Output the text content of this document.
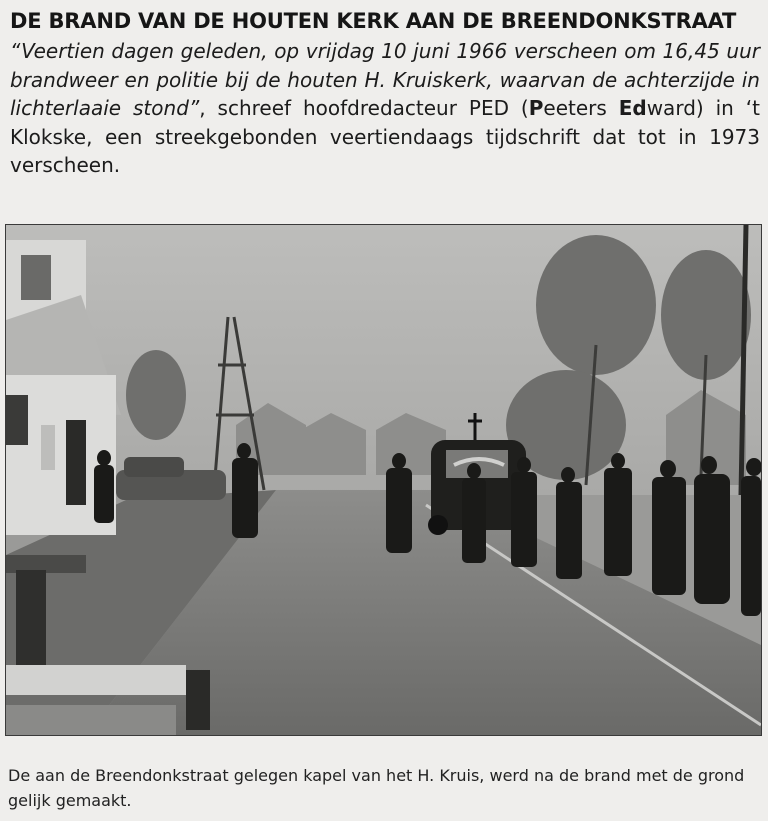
DE BRAND VAN DE HOUTEN KERK AAN DE BREENDONKSTRAAT
“Veertien dagen geleden, op vrijdag 10 juni 1966 verscheen om 16,45 uur brandweer en politie bij de houten H. Kruiskerk, waarvan de achterzijde in lichterlaaie stond”, schreef hoofdredacteur PED (Peeters Edward) in ‘t Klokske, een streekgebonden veertiendaags tijdschrift dat tot in 1973 verscheen.
De aan de Breendonkstraat gelegen kapel van het H. Kruis, werd na de brand met de grond gelijk gemaakt.
